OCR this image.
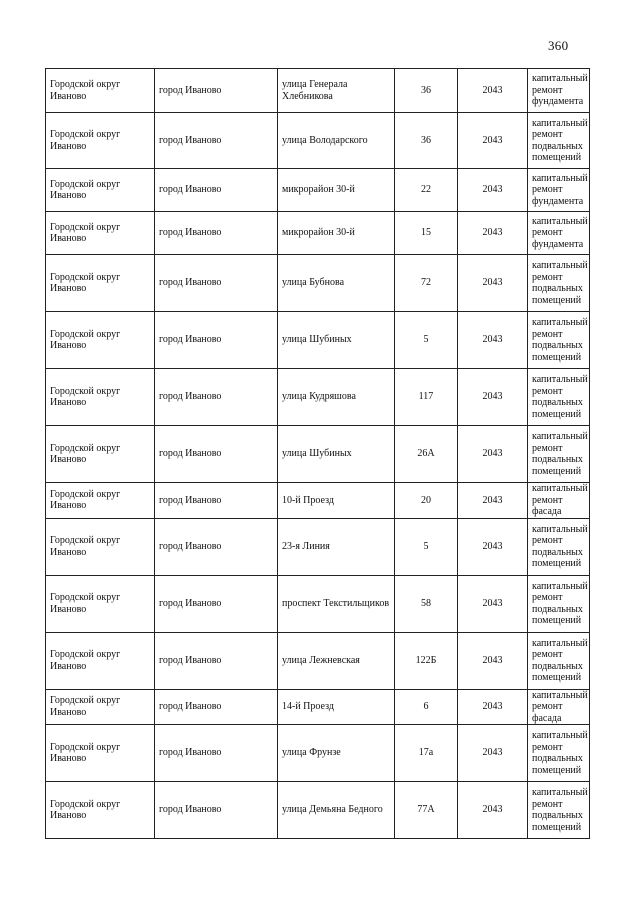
360
Городской округ Иваново	город Иваново	улица Генерала Хлебникова	36	2043	капитальный ремонт фундамента
Городской округ Иваново	город Иваново	улица Володарского	36	2043	капитальный ремонт подвальных помещений
Городской округ Иваново	город Иваново	микрорайон 30-й	22	2043	капитальный ремонт фундамента
Городской округ Иваново	город Иваново	микрорайон 30-й	15	2043	капитальный ремонт фундамента
Городской округ Иваново	город Иваново	улица Бубнова	72	2043	капитальный ремонт подвальных помещений
Городской округ Иваново	город Иваново	улица Шубиных	5	2043	капитальный ремонт подвальных помещений
Городской округ Иваново	город Иваново	улица Кудряшова	117	2043	капитальный ремонт подвальных помещений
Городской округ Иваново	город Иваново	улица Шубиных	26А	2043	капитальный ремонт подвальных помещений
Городской округ Иваново	город Иваново	10-й Проезд	20	2043	капитальный ремонт фасада
Городской округ Иваново	город Иваново	23-я Линия	5	2043	капитальный ремонт подвальных помещений
Городской округ Иваново	город Иваново	проспект Текстильщиков	58	2043	капитальный ремонт подвальных помещений
Городской округ Иваново	город Иваново	улица Лежневская	122Б	2043	капитальный ремонт подвальных помещений
Городской округ Иваново	город Иваново	14-й Проезд	6	2043	капитальный ремонт фасада
Городской округ Иваново	город Иваново	улица Фрунзе	17а	2043	капитальный ремонт подвальных помещений
Городской округ Иваново	город Иваново	улица Демьяна Бедного	77А	2043	капитальный ремонт подвальных помещений
